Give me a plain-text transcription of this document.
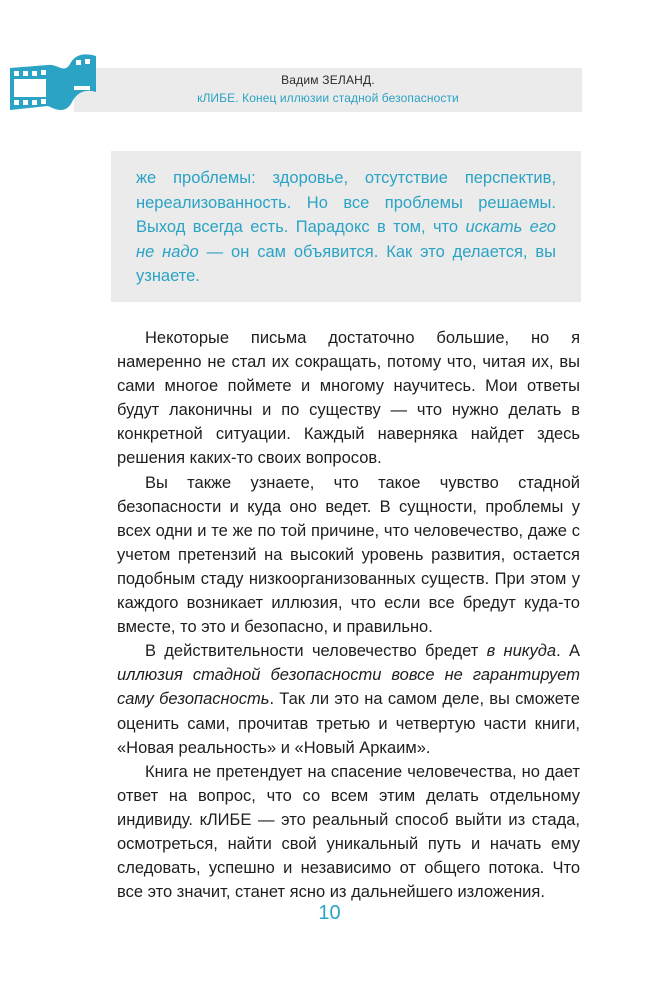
Вадим ЗЕЛАНД.
кЛИБЕ. Конец иллюзии стадной безопасности

же проблемы: здоровье, отсутствие перспектив, нереализованность. Но все проблемы решаемы. Выход всегда есть. Парадокс в том, что искать его не надо — он сам объявится. Как это делается, вы узнаете.

Некоторые письма достаточно большие, но я намеренно не стал их сокращать, потому что, читая их, вы сами многое поймете и многому научитесь. Мои ответы будут лаконичны и по существу — что нужно делать в конкретной ситуации. Каждый наверняка найдет здесь решения каких-то своих вопросов.

Вы также узнаете, что такое чувство стадной безопасности и куда оно ведет. В сущности, проблемы у всех одни и те же по той причине, что человечество, даже с учетом претензий на высокий уровень развития, остается подобным стаду низкоорганизованных существ. При этом у каждого возникает иллюзия, что если все бредут куда-то вместе, то это и безопасно, и правильно.

В действительности человечество бредет в никуда. А иллюзия стадной безопасности вовсе не гарантирует саму безопасность. Так ли это на самом деле, вы сможете оценить сами, прочитав третью и четвертую части книги, «Новая реальность» и «Новый Аркаим».

Книга не претендует на спасение человечества, но дает ответ на вопрос, что со всем этим делать отдельному индивиду. кЛИБЕ — это реальный способ выйти из стада, осмотреться, найти свой уникальный путь и начать ему следовать, успешно и независимо от общего потока. Что все это значит, станет ясно из дальнейшего изложения.

10
